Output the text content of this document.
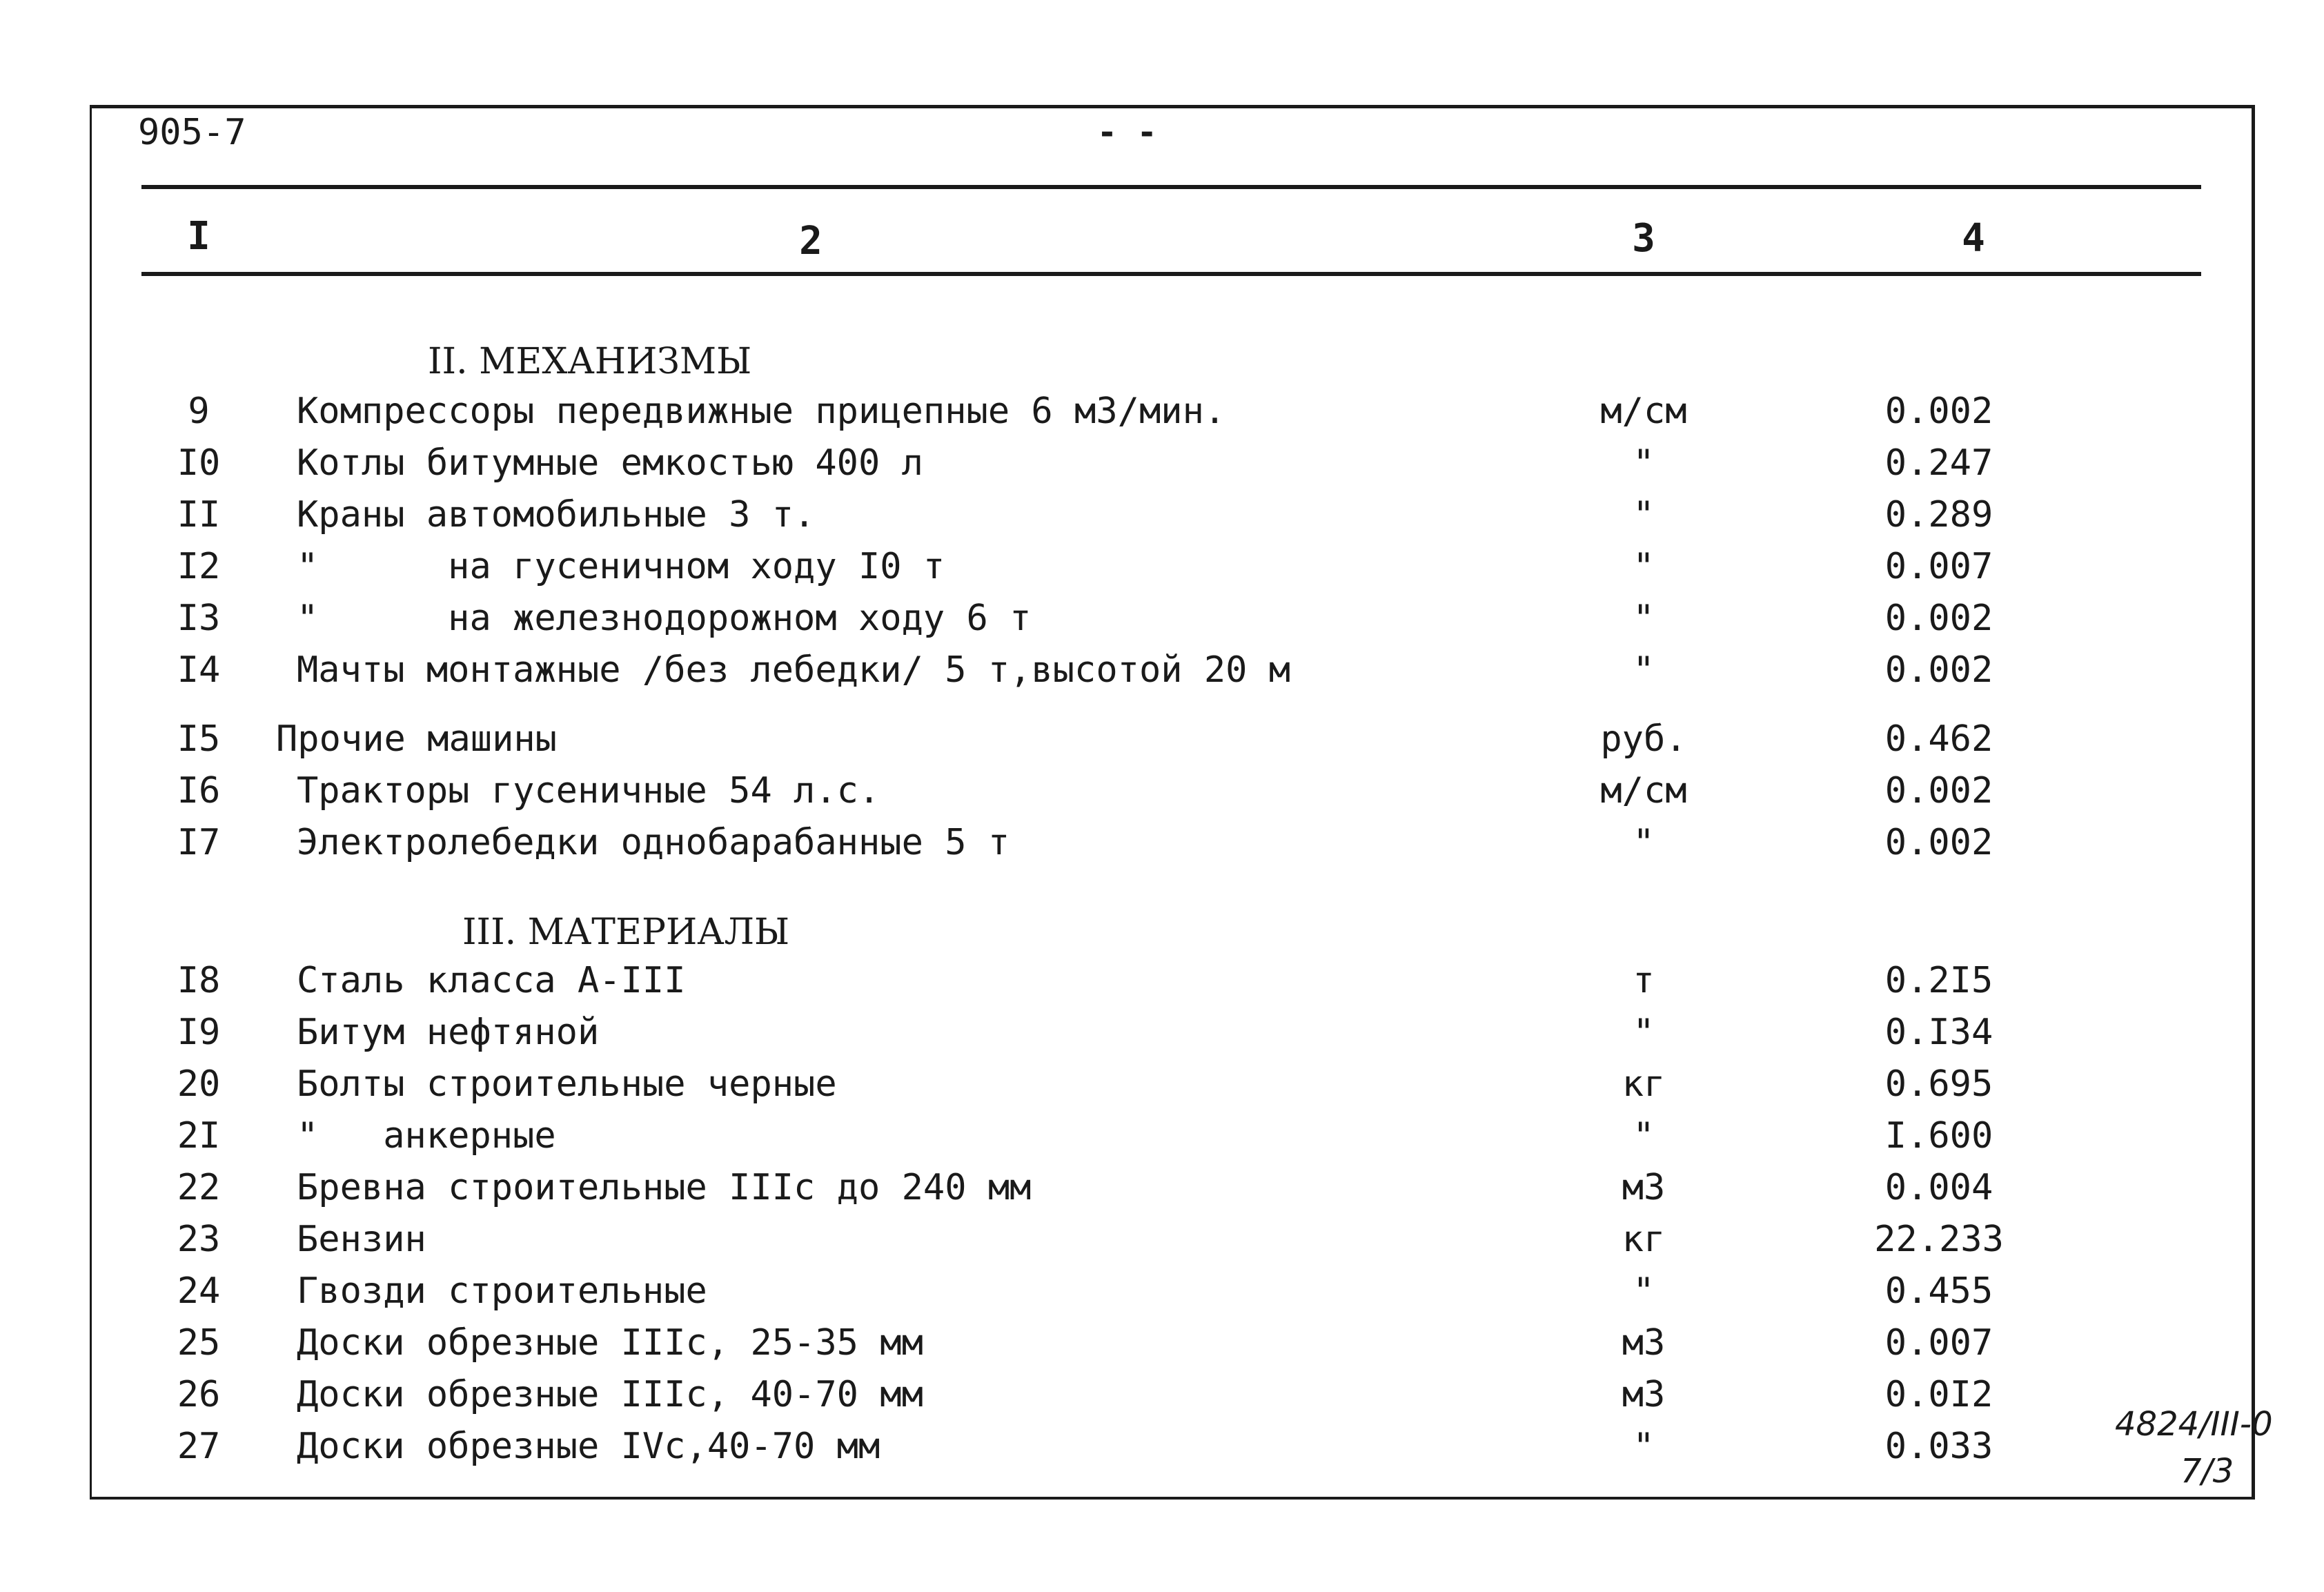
905-7	- -
I	2	3	4
II. МЕХАНИЗМЫ
9	Компрессоры передвижные прицепные 6 м3/мин.	м/см	0.002
I0	Котлы битумные емкостью 400 л	"	0.247
II	Краны автомобильные 3 т.	"	0.289
I2	"      на гусеничном ходу I0 т	"	0.007
I3	"      на железнодорожном ходу 6 т	"	0.002
I4	Мачты монтажные /без лебедки/ 5 т,высотой 20 м	"	0.002
I5	Прочие машины	руб.	0.462
I6	Тракторы гусеничные 54 л.с.	м/см	0.002
I7	Электролебедки однобарабанные 5 т	"	0.002
III. МАТЕРИАЛЫ
I8	Сталь класса А-III	т	0.2I5
I9	Битум нефтяной	"	0.I34
20	Болты строительные черные	кг	0.695
2I	"   анкерные	"	I.600
22	Бревна строительные IIIc до 240 мм	м3	0.004
23	Бензин	кг	22.233
24	Гвозди строительные	"	0.455
25	Доски обрезные IIIc, 25-35 мм	м3	0.007
26	Доски обрезные IIIc, 40-70 мм	м3	0.0I2
27	Доски обрезные IVc,40-70 мм	"	0.033
4824/III-0
7/3
